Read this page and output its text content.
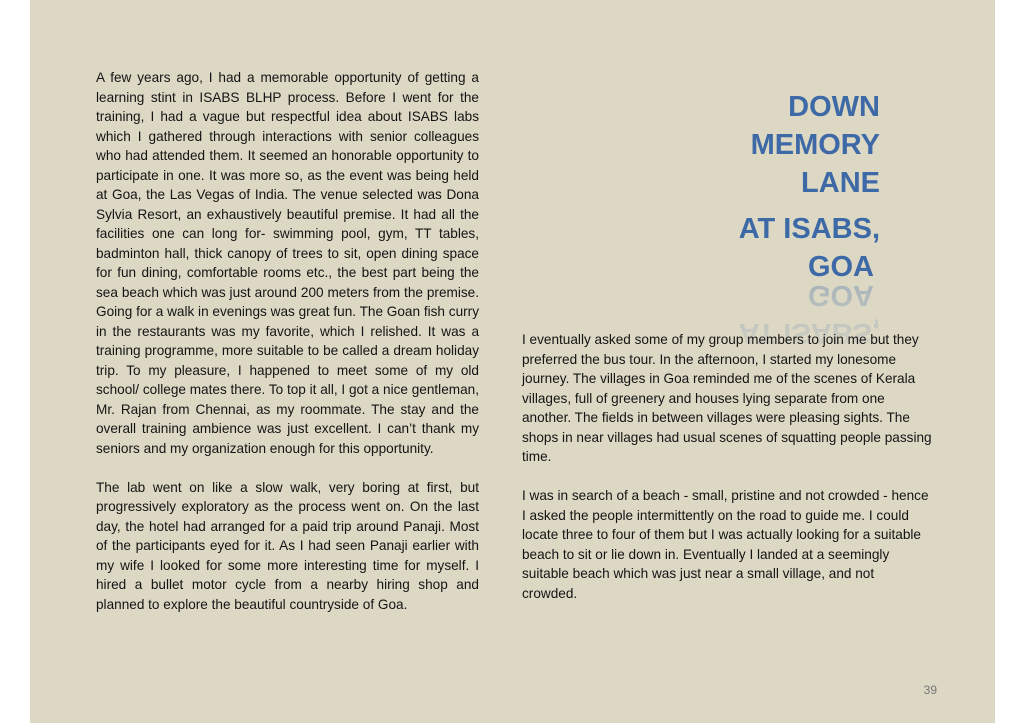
A few years ago, I had a memorable opportunity of getting a learning stint in ISABS BLHP process. Before I went for the training, I had a vague but respectful idea about ISABS labs which I gathered through interactions with senior colleagues who had attended them. It seemed an honorable opportunity to participate in one. It was more so, as the event was being held at Goa, the Las Vegas of India. The venue selected was Dona Sylvia Resort, an exhaustively beautiful premise. It had all the facilities one can long for- swimming pool, gym, TT tables, badminton hall, thick canopy of trees to sit, open dining space for fun dining, comfortable rooms etc., the best part being the sea beach which was just around 200 meters from the premise. Going for a walk in evenings was great fun. The Goan fish curry in the restaurants was my favorite, which I relished. It was a training programme, more suitable to be called a dream holiday trip. To my pleasure, I happened to meet some of my old school/ college mates there. To top it all, I got a nice gentleman, Mr. Rajan from Chennai, as my roommate. The stay and the overall training ambience was just excellent. I can’t thank my seniors and my organization enough for this opportunity.

The lab went on like a slow walk, very boring at first, but progressively exploratory as the process went on. On the last day, the hotel had arranged for a paid trip around Panaji. Most of the participants eyed for it. As I had seen Panaji earlier with my wife I looked for some more interesting time for myself. I hired a bullet motor cycle from a nearby hiring shop and planned to explore the beautiful countryside of Goa.

DOWN
MEMORY
LANE
AT ISABS,
GOA

I eventually asked some of my group members to join me but they preferred the bus tour. In the afternoon, I started my lonesome journey. The villages in Goa reminded me of the scenes of Kerala villages, full of greenery and houses lying separate from one another. The fields in between villages were pleasing sights. The shops in near villages had usual scenes of squatting people passing time.

I was in search of a beach - small, pristine and not crowded - hence I asked the people intermittently on the road to guide me. I could locate three to four of them but I was actually looking for a suitable beach to sit or lie down in. Eventually I landed at a seemingly suitable beach which was just near a small village, and not crowded.

39
